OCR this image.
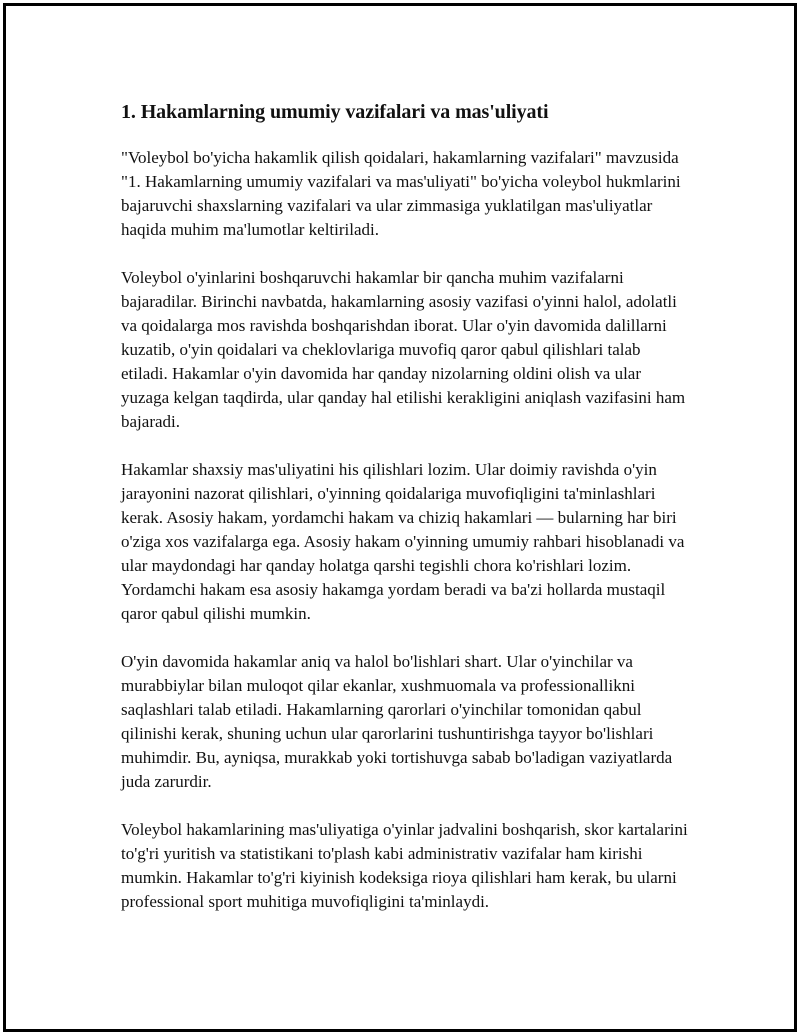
1. Hakamlarning umumiy vazifalari va mas'uliyati

"Voleybol bo'yicha hakamlik qilish qoidalari, hakamlarning vazifalari" mavzusida "1. Hakamlarning umumiy vazifalari va mas'uliyati" bo'yicha voleybol hukmlarini bajaruvchi shaxslarning vazifalari va ular zimmasiga yuklatilgan mas'uliyatlar haqida muhim ma'lumotlar keltiriladi.

Voleybol o'yinlarini boshqaruvchi hakamlar bir qancha muhim vazifalarni bajaradilar. Birinchi navbatda, hakamlarning asosiy vazifasi o'yinni halol, adolatli va qoidalarga mos ravishda boshqarishdan iborat. Ular o'yin davomida dalillarni kuzatib, o'yin qoidalari va cheklovlariga muvofiq qaror qabul qilishlari talab etiladi. Hakamlar o'yin davomida har qanday nizolarning oldini olish va ular yuzaga kelgan taqdirda, ular qanday hal etilishi kerakligini aniqlash vazifasini ham bajaradi.

Hakamlar shaxsiy mas'uliyatini his qilishlari lozim. Ular doimiy ravishda o'yin jarayonini nazorat qilishlari, o'yinning qoidalariga muvofiqligini ta'minlashlari kerak. Asosiy hakam, yordamchi hakam va chiziq hakamlari — bularning har biri o'ziga xos vazifalarga ega. Asosiy hakam o'yinning umumiy rahbari hisoblanadi va ular maydondagi har qanday holatga qarshi tegishli chora ko'rishlari lozim. Yordamchi hakam esa asosiy hakamga yordam beradi va ba'zi hollarda mustaqil qaror qabul qilishi mumkin.

O'yin davomida hakamlar aniq va halol bo'lishlari shart. Ular o'yinchilar va murabbiylar bilan muloqot qilar ekanlar, xushmuomala va professionallikni saqlashlari talab etiladi. Hakamlarning qarorlari o'yinchilar tomonidan qabul qilinishi kerak, shuning uchun ular qarorlarini tushuntirishga tayyor bo'lishlari muhimdir. Bu, ayniqsa, murakkab yoki tortishuvga sabab bo'ladigan vaziyatlarda juda zarurdir.

Voleybol hakamlarining mas'uliyatiga o'yinlar jadvalini boshqarish, skor kartalarini to'g'ri yuritish va statistikani to'plash kabi administrativ vazifalar ham kirishi mumkin. Hakamlar to'g'ri kiyinish kodeksiga rioya qilishlari ham kerak, bu ularni professional sport muhitiga muvofiqligini ta'minlaydi.
